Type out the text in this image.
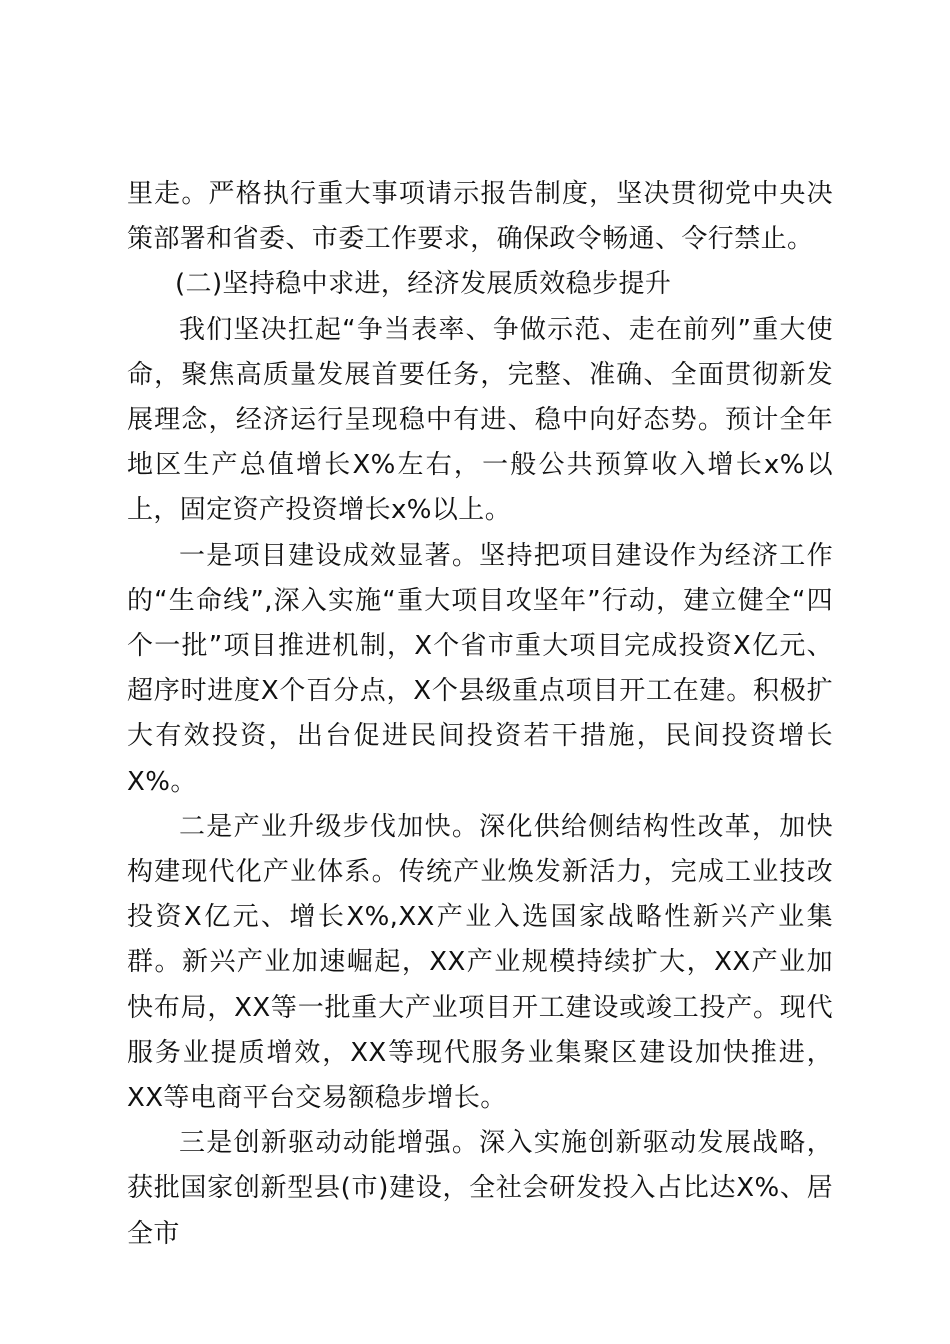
里走。严格执行重大事项请示报告制度，坚决贯彻党中央决策部署和省委、市委工作要求，确保政令畅通、令行禁止。

(二)坚持稳中求进，经济发展质效稳步提升

我们坚决扛起“争当表率、争做示范、走在前列”重大使命，聚焦高质量发展首要任务，完整、准确、全面贯彻新发展理念，经济运行呈现稳中有进、稳中向好态势。预计全年地区生产总值增长X%左右，一般公共预算收入增长x%以上，固定资产投资增长x%以上。

一是项目建设成效显著。坚持把项目建设作为经济工作的“生命线”,深入实施“重大项目攻坚年”行动，建立健全“四个一批”项目推进机制，X个省市重大项目完成投资X亿元、超序时进度X个百分点，X个县级重点项目开工在建。积极扩大有效投资，出台促进民间投资若干措施，民间投资增长X%。

二是产业升级步伐加快。深化供给侧结构性改革，加快构建现代化产业体系。传统产业焕发新活力，完成工业技改投资X亿元、增长X%,XX产业入选国家战略性新兴产业集群。新兴产业加速崛起，XX产业规模持续扩大，XX产业加快布局，XX等一批重大产业项目开工建设或竣工投产。现代服务业提质增效，XX等现代服务业集聚区建设加快推进，XX等电商平台交易额稳步增长。

三是创新驱动动能增强。深入实施创新驱动发展战略，获批国家创新型县(市)建设，全社会研发投入占比达X%、居全市
